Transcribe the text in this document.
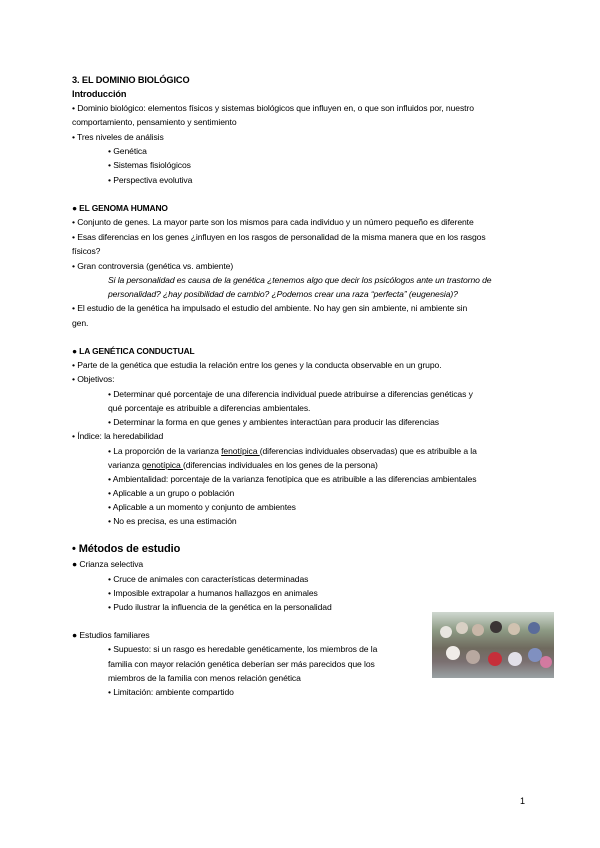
3. EL DOMINIO BIOLÓGICO
Introducción
• Dominio biológico: elementos físicos y sistemas biológicos que influyen en, o que son influidos por, nuestro
comportamiento, pensamiento y sentimiento
• Tres niveles de análisis
• Genética
• Sistemas fisiológicos
• Perspectiva evolutiva
● EL GENOMA HUMANO
• Conjunto de genes. La mayor parte son los mismos para cada individuo y un número pequeño es diferente
• Esas diferencias en los genes ¿influyen en los rasgos de personalidad de la misma manera que en los rasgos
físicos?
• Gran controversia (genética vs. ambiente)
Si la personalidad es causa de la genética ¿tenemos algo que decir los psicólogos ante un trastorno de
personalidad? ¿hay posibilidad de cambio? ¿Podemos crear una raza “perfecta” (eugenesia)?
• El estudio de la genética ha impulsado el estudio del ambiente. No hay gen sin ambiente, ni ambiente sin
gen.
● LA GENÉTICA CONDUCTUAL
• Parte de la genética que estudia la relación entre los genes y la conducta observable en un grupo.
• Objetivos:
• Determinar qué porcentaje de una diferencia individual puede atribuirse a diferencias genéticas y
qué porcentaje es atribuible a diferencias ambientales.
• Determinar la forma en que genes y ambientes interactúan para producir las diferencias
• Índice: la heredabilidad
• La proporción de la varianza fenotípica (diferencias individuales observadas) que es atribuible a la
varianza genotípica (diferencias individuales en los genes de la persona)
• Ambientalidad: porcentaje de la varianza fenotípica que es atribuible a las diferencias ambientales
• Aplicable a un grupo o población
• Aplicable a un momento y conjunto de ambientes
• No es precisa, es una estimación
• Métodos de estudio
● Crianza selectiva
• Cruce de animales con características determinadas
• Imposible extrapolar a humanos hallazgos en animales
• Pudo ilustrar la influencia de la genética en la personalidad
● Estudios familiares
• Supuesto: si un rasgo es heredable genéticamente, los miembros de la
familia con mayor relación genética deberían ser más parecidos que los
miembros de la familia con menos relación genética
• Limitación: ambiente compartido
1
